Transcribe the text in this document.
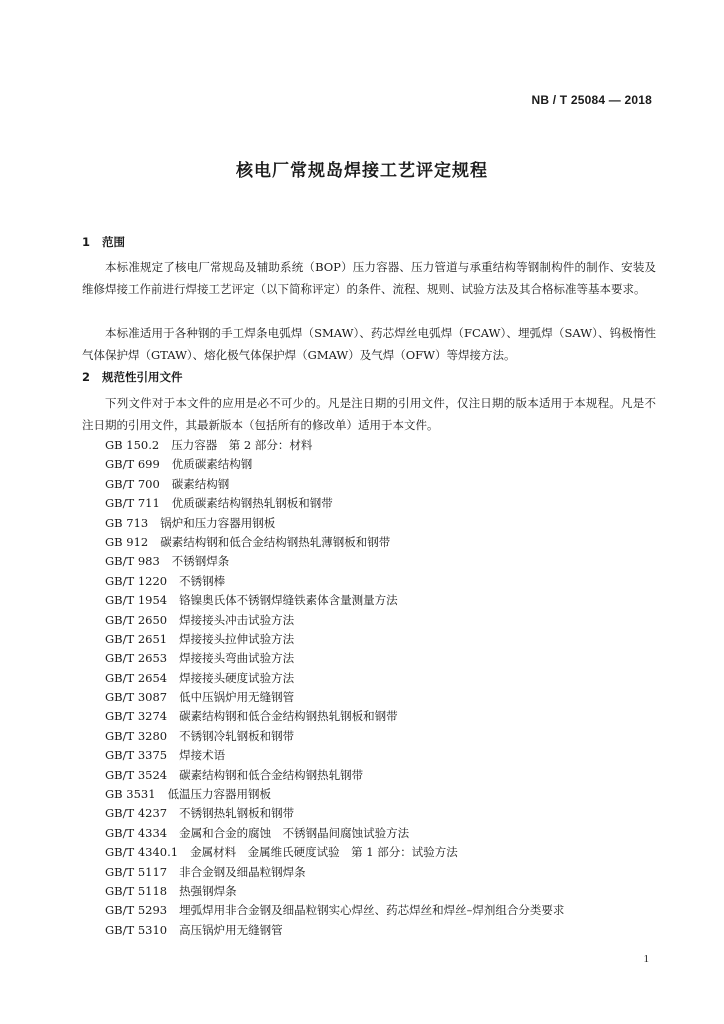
NB / T 25084 — 2018
核电厂常规岛焊接工艺评定规程
1 范围

本标准规定了核电厂常规岛及辅助系统（BOP）压力容器、压力管道与承重结构等钢制构件的制作、安装及维修焊接工作前进行焊接工艺评定（以下简称评定）的条件、流程、规则、试验方法及其合格标准等基本要求。

本标准适用于各种钢的手工焊条电弧焊（SMAW）、药芯焊丝电弧焊（FCAW）、埋弧焊（SAW）、钨极惰性气体保护焊（GTAW）、熔化极气体保护焊（GMAW）及气焊（OFW）等焊接方法。

2 规范性引用文件

下列文件对于本文件的应用是必不可少的。凡是注日期的引用文件，仅注日期的版本适用于本规程。凡是不注日期的引用文件，其最新版本（包括所有的修改单）适用于本文件。

GB 150.2 压力容器　第 2 部分：材料
GB/T 699 优质碳素结构钢
GB/T 700 碳素结构钢
GB/T 711 优质碳素结构钢热轧钢板和钢带
GB 713 锅炉和压力容器用钢板
GB 912 碳素结构钢和低合金结构钢热轧薄钢板和钢带
GB/T 983 不锈钢焊条
GB/T 1220 不锈钢棒
GB/T 1954 铬镍奥氏体不锈钢焊缝铁素体含量测量方法
GB/T 2650 焊接接头冲击试验方法
GB/T 2651 焊接接头拉伸试验方法
GB/T 2653 焊接接头弯曲试验方法
GB/T 2654 焊接接头硬度试验方法
GB/T 3087 低中压锅炉用无缝钢管
GB/T 3274 碳素结构钢和低合金结构钢热轧钢板和钢带
GB/T 3280 不锈钢冷轧钢板和钢带
GB/T 3375 焊接术语
GB/T 3524 碳素结构钢和低合金结构钢热轧钢带
GB 3531 低温压力容器用钢板
GB/T 4237 不锈钢热轧钢板和钢带
GB/T 4334 金属和合金的腐蚀　不锈钢晶间腐蚀试验方法
GB/T 4340.1 金属材料　金属维氏硬度试验　第 1 部分：试验方法
GB/T 5117 非合金钢及细晶粒钢焊条
GB/T 5118 热强钢焊条
GB/T 5293 埋弧焊用非合金钢及细晶粒钢实心焊丝、药芯焊丝和焊丝–焊剂组合分类要求
GB/T 5310 高压锅炉用无缝钢管
1
